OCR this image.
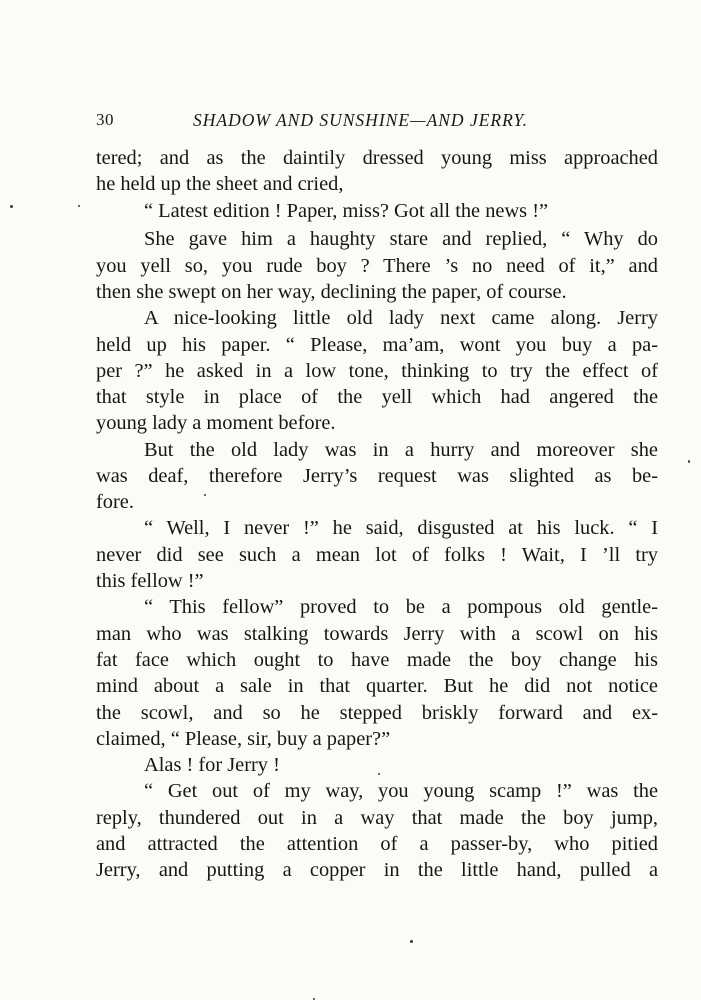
30	SHADOW AND SUNSHINE—AND JERRY.
tered; and as the daintily dressed young miss approached
he held up the sheet and cried,
“ Latest edition ! Paper, miss? Got all the news !”
She gave him a haughty stare and replied, “ Why do
you yell so, you rude boy ? There ’s no need of it,” and
then she swept on her way, declining the paper, of course.
A nice-looking little old lady next came along. Jerry
held up his paper. “ Please, ma’am, wont you buy a pa-
per ?” he asked in a low tone, thinking to try the effect of
that style in place of the yell which had angered the
young lady a moment before.
But the old lady was in a hurry and moreover she
was deaf, therefore Jerry’s request was slighted as be-
fore.
“ Well, I never !” he said, disgusted at his luck. “ I
never did see such a mean lot of folks ! Wait, I ’ll try
this fellow !”
“ This fellow” proved to be a pompous old gentle-
man who was stalking towards Jerry with a scowl on his
fat face which ought to have made the boy change his
mind about a sale in that quarter. But he did not notice
the scowl, and so he stepped briskly forward and ex-
claimed, “ Please, sir, buy a paper?”
Alas ! for Jerry !
“ Get out of my way, you young scamp !” was the
reply, thundered out in a way that made the boy jump,
and attracted the attention of a passer-by, who pitied
Jerry, and putting a copper in the little hand, pulled a
